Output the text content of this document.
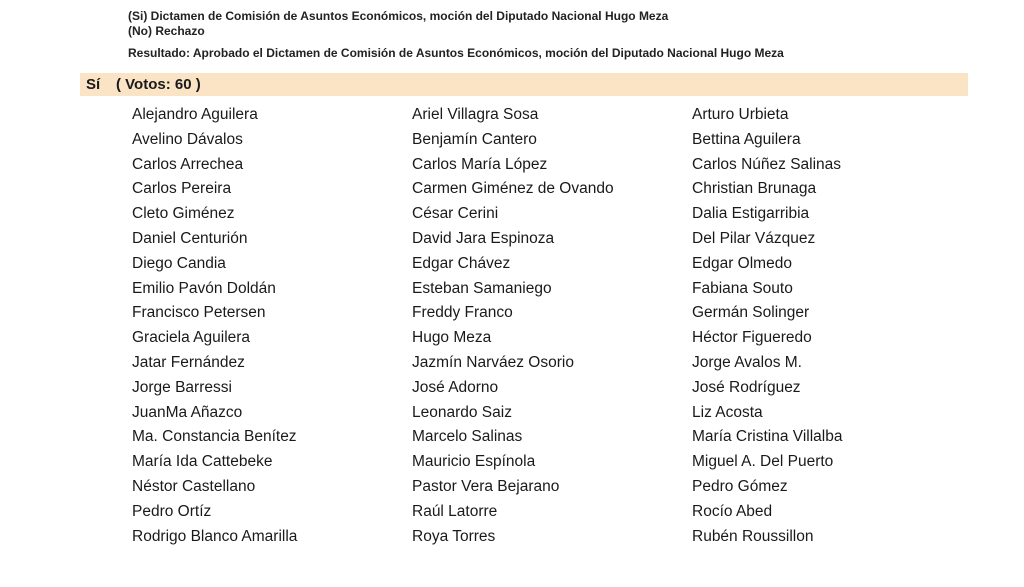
(Si) Dictamen de Comisión de Asuntos Económicos, moción del Diputado Nacional Hugo Meza
(No) Rechazo
Resultado: Aprobado el Dictamen de Comisión de Asuntos Económicos, moción del Diputado Nacional Hugo Meza
Sí ( Votos: 60 )
Alejandro Aguilera	Ariel Villagra Sosa	Arturo Urbieta
Avelino Dávalos	Benjamín Cantero	Bettina Aguilera
Carlos Arrechea	Carlos María López	Carlos Núñez Salinas
Carlos Pereira	Carmen Giménez de Ovando	Christian Brunaga
Cleto Giménez	César Cerini	Dalia Estigarribia
Daniel Centurión	David Jara Espinoza	Del Pilar Vázquez
Diego Candia	Edgar Chávez	Edgar Olmedo
Emilio Pavón Doldán	Esteban Samaniego	Fabiana Souto
Francisco Petersen	Freddy Franco	Germán Solinger
Graciela Aguilera	Hugo Meza	Héctor Figueredo
Jatar Fernández	Jazmín Narváez Osorio	Jorge Avalos M.
Jorge Barressi	José Adorno	José Rodríguez
JuanMa Añazco	Leonardo Saiz	Liz Acosta
Ma. Constancia Benítez	Marcelo Salinas	María Cristina Villalba
María Ida Cattebeke	Mauricio Espínola	Miguel A. Del Puerto
Néstor Castellano	Pastor Vera Bejarano	Pedro Gómez
Pedro Ortíz	Raúl Latorre	Rocío Abed
Rodrigo Blanco Amarilla	Roya Torres	Rubén Roussillon
